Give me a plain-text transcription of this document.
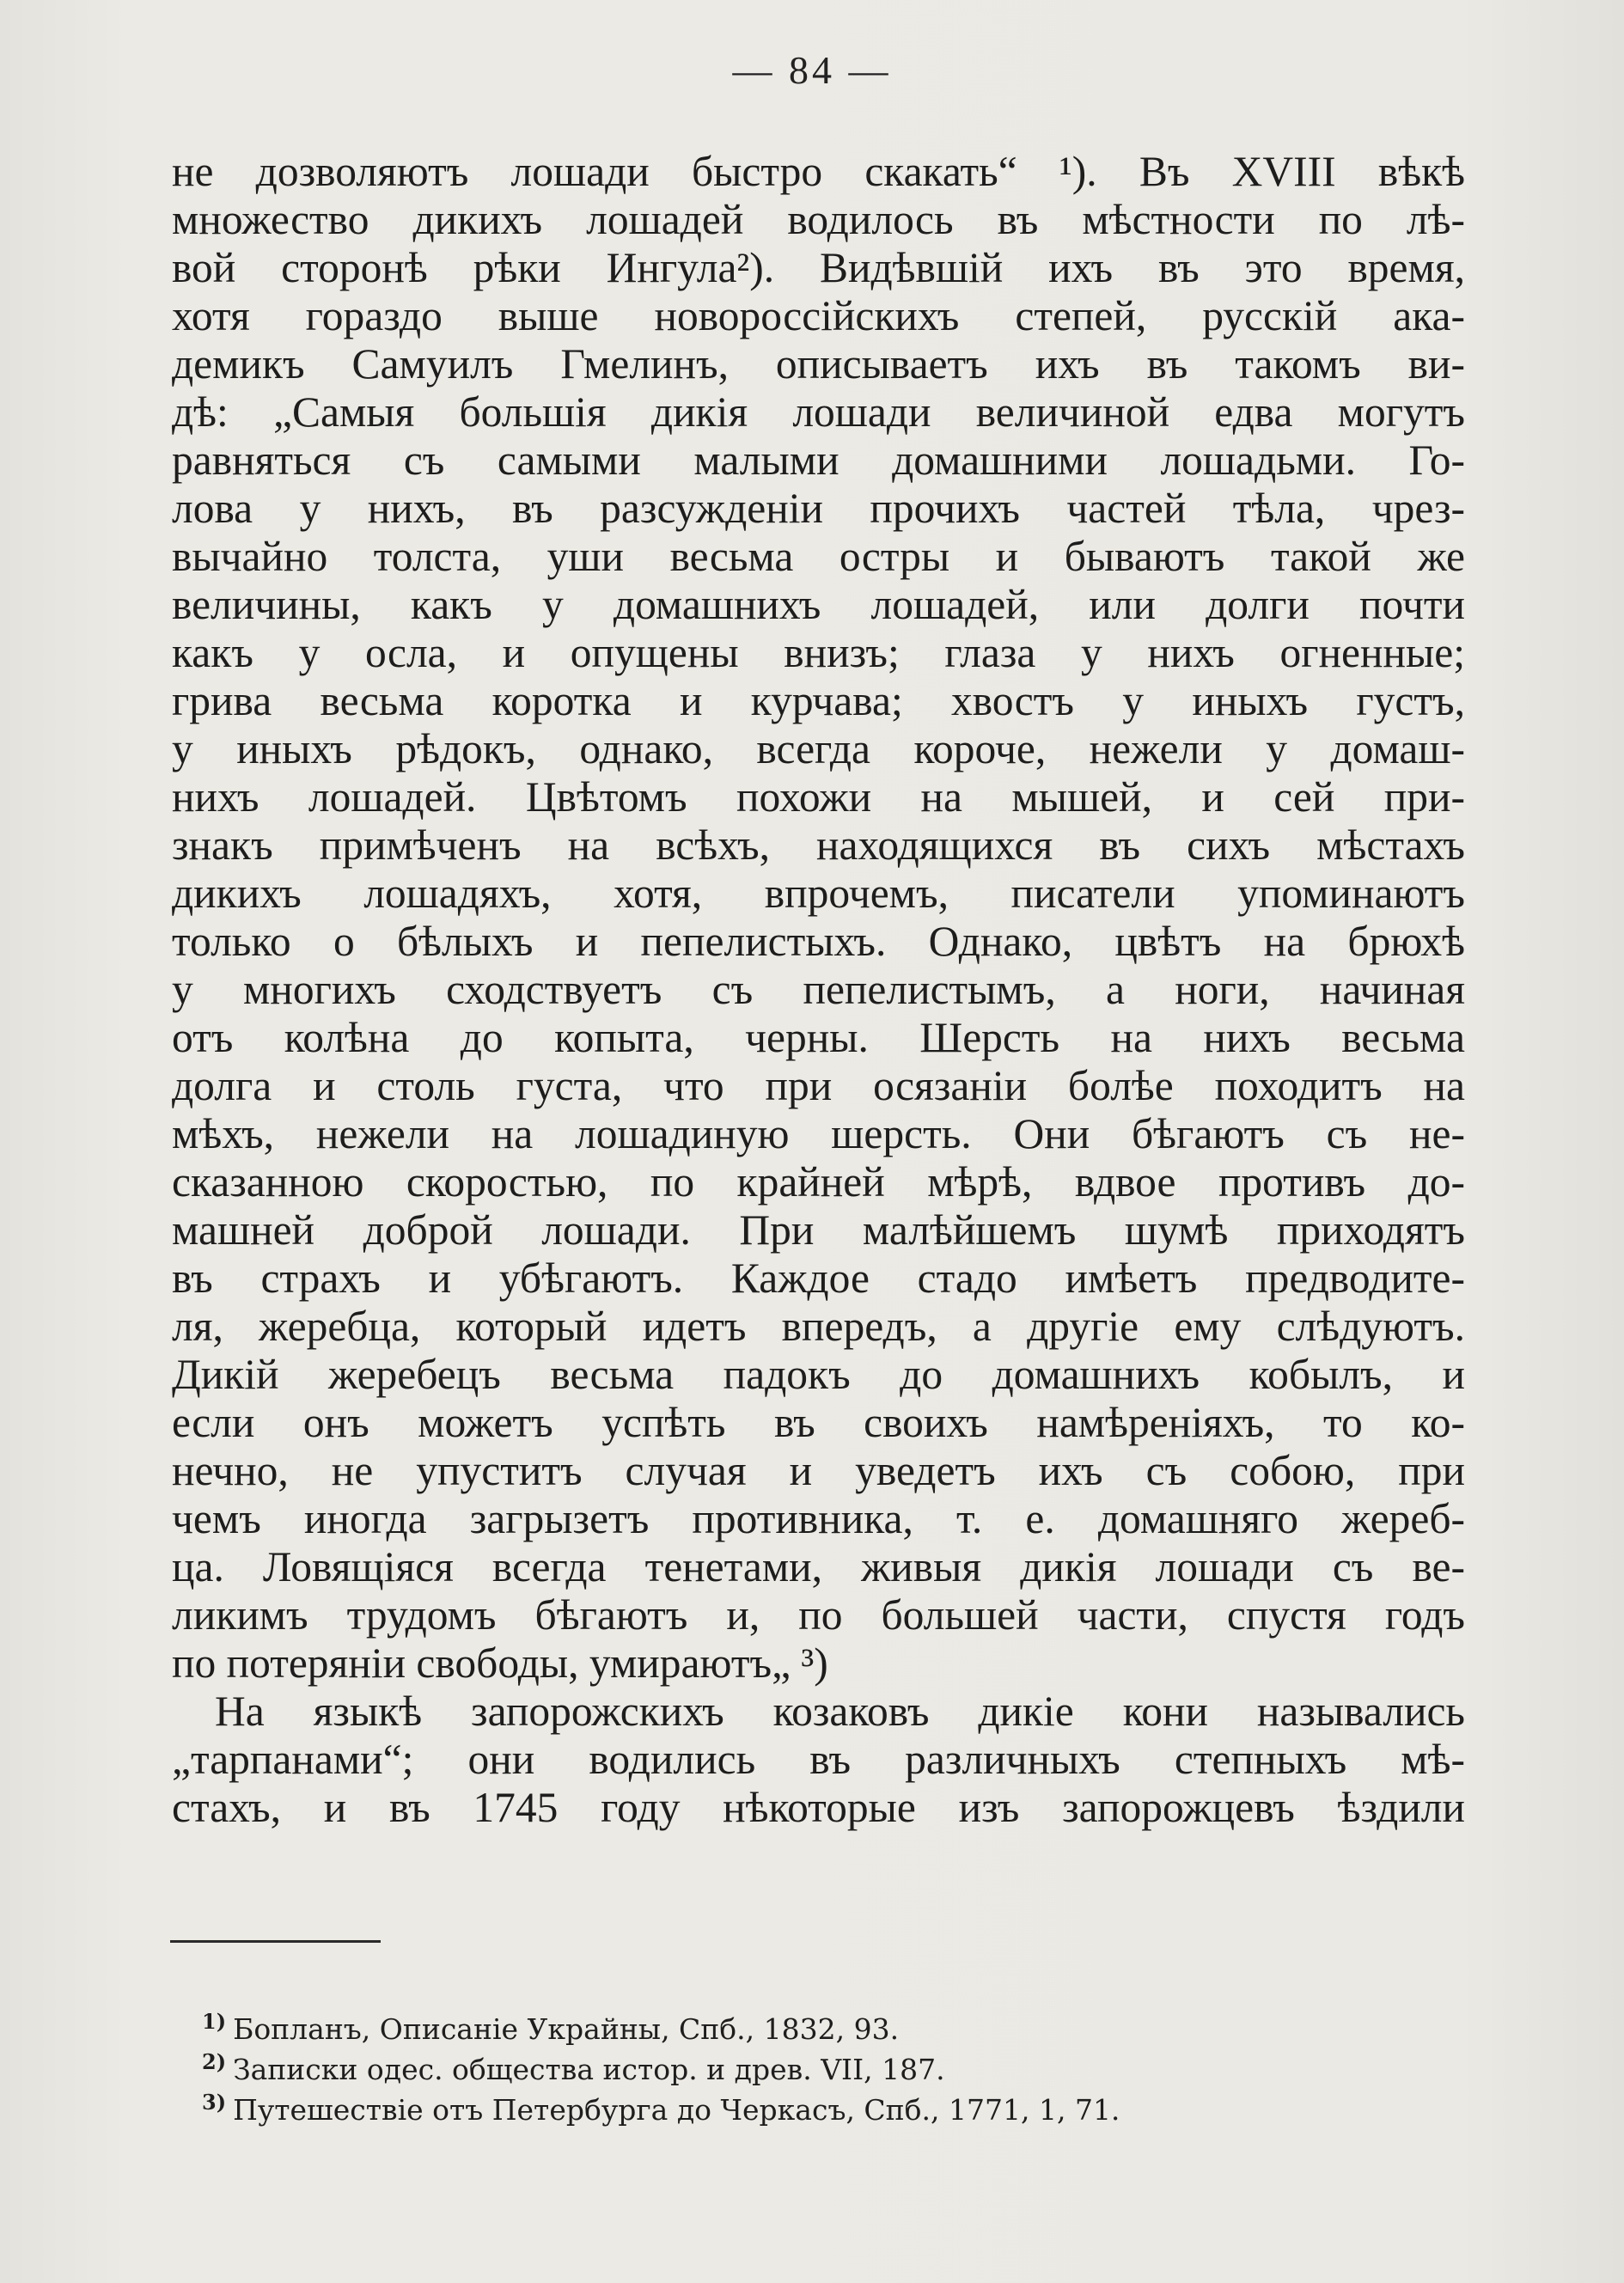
— 84 —
не дозволяютъ лошади быстро скакать“ ¹). Въ XVIII вѣкѣ
множество дикихъ лошадей водилось въ мѣстности по лѣ-
вой сторонѣ рѣки Ингула²). Видѣвшій ихъ въ это время,
хотя гораздо выше новороссійскихъ степей, русскій ака-
демикъ Самуилъ Гмелинъ, описываетъ ихъ въ такомъ ви-
дѣ: „Самыя большія дикія лошади величиной едва могутъ
равняться съ самыми малыми домашними лошадьми. Го-
лова у нихъ, въ разсужденіи прочихъ частей тѣла, чрез-
вычайно толста, уши весьма остры и бываютъ такой же
величины, какъ у домашнихъ лошадей, или долги почти
какъ у осла, и опущены внизъ; глаза у нихъ огненные;
грива весьма коротка и курчава; хвостъ у иныхъ густъ,
у иныхъ рѣдокъ, однако, всегда короче, нежели у домаш-
нихъ лошадей. Цвѣтомъ похожи на мышей, и сей при-
знакъ примѣченъ на всѣхъ, находящихся въ сихъ мѣстахъ
дикихъ лошадяхъ, хотя, впрочемъ, писатели упоминаютъ
только о бѣлыхъ и пепелистыхъ. Однако, цвѣтъ на брюхѣ
у многихъ сходствуетъ съ пепелистымъ, а ноги, начиная
отъ колѣна до копыта, черны. Шерсть на нихъ весьма
долга и столь густа, что при осязаніи болѣе походитъ на
мѣхъ, нежели на лошадиную шерсть. Они бѣгаютъ съ не-
сказанною скоростью, по крайней мѣрѣ, вдвое противъ до-
машней доброй лошади. При малѣйшемъ шумѣ приходятъ
въ страхъ и убѣгаютъ. Каждое стадо имѣетъ предводите-
ля, жеребца, который идетъ впередъ, а другіе ему слѣдуютъ.
Дикій жеребецъ весьма падокъ до домашнихъ кобылъ, и
если онъ можетъ успѣть въ своихъ намѣреніяхъ, то ко-
нечно, не упуститъ случая и уведетъ ихъ съ собою, при
чемъ иногда загрызетъ противника, т. е. домашняго жереб-
ца. Ловящіяся всегда тенетами, живыя дикія лошади съ ве-
ликимъ трудомъ бѣгаютъ и, по большей части, спустя годъ
по потеряніи свободы, умираютъ„ ³)
На языкѣ запорожскихъ козаковъ дикіе кони назывались
„тарпанами“; они водились въ различныхъ степныхъ мѣ-
стахъ, и въ 1745 году нѣкоторые изъ запорожцевъ ѣздили
$^{1)}$ Бопланъ, Описаніе Украйны, Спб., 1832, 93.
$^{2)}$ Записки одес. общества истор. и древ. VII, 187.
$^{3)}$ Путешествіе отъ Петербурга до Черкасъ, Спб., 1771, 1, 71.
